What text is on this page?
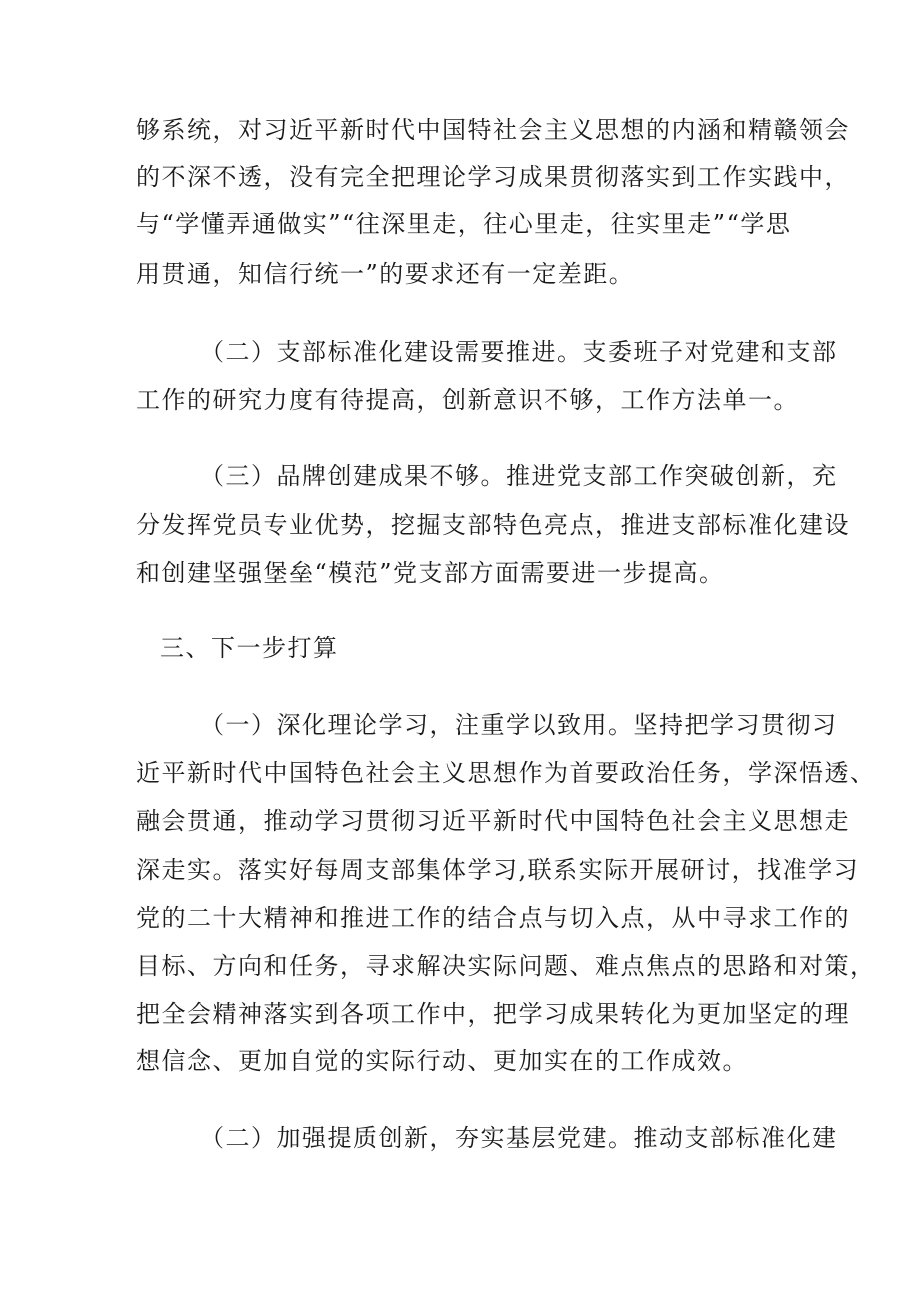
够系统，对习近平新时代中国特社会主义思想的内涵和精赣领会
的不深不透，没有完全把理论学习成果贯彻落实到工作实践中，
与“学懂弄通做实”“往深里走，往心里走，往实里走”“学思
用贯通，知信行统一”的要求还有一定差距。
（二）支部标准化建设需要推进。支委班子对党建和支部
工作的研究力度有待提高，创新意识不够，工作方法单一。
（三）品牌创建成果不够。推进党支部工作突破创新，充
分发挥党员专业优势，挖掘支部特色亮点，推进支部标准化建设
和创建坚强堡垒“模范”党支部方面需要进一步提高。
三、下一步打算
（一）深化理论学习，注重学以致用。坚持把学习贯彻习
近平新时代中国特色社会主义思想作为首要政治任务，学深悟透、
融会贯通，推动学习贯彻习近平新时代中国特色社会主义思想走
深走实。落实好每周支部集体学习,联系实际开展研讨，找准学习
党的二十大精神和推进工作的结合点与切入点，从中寻求工作的
目标、方向和任务，寻求解决实际问题、难点焦点的思路和对策，
把全会精神落实到各项工作中，把学习成果转化为更加坚定的理
想信念、更加自觉的实际行动、更加实在的工作成效。
（二）加强提质创新，夯实基层党建。推动支部标准化建
